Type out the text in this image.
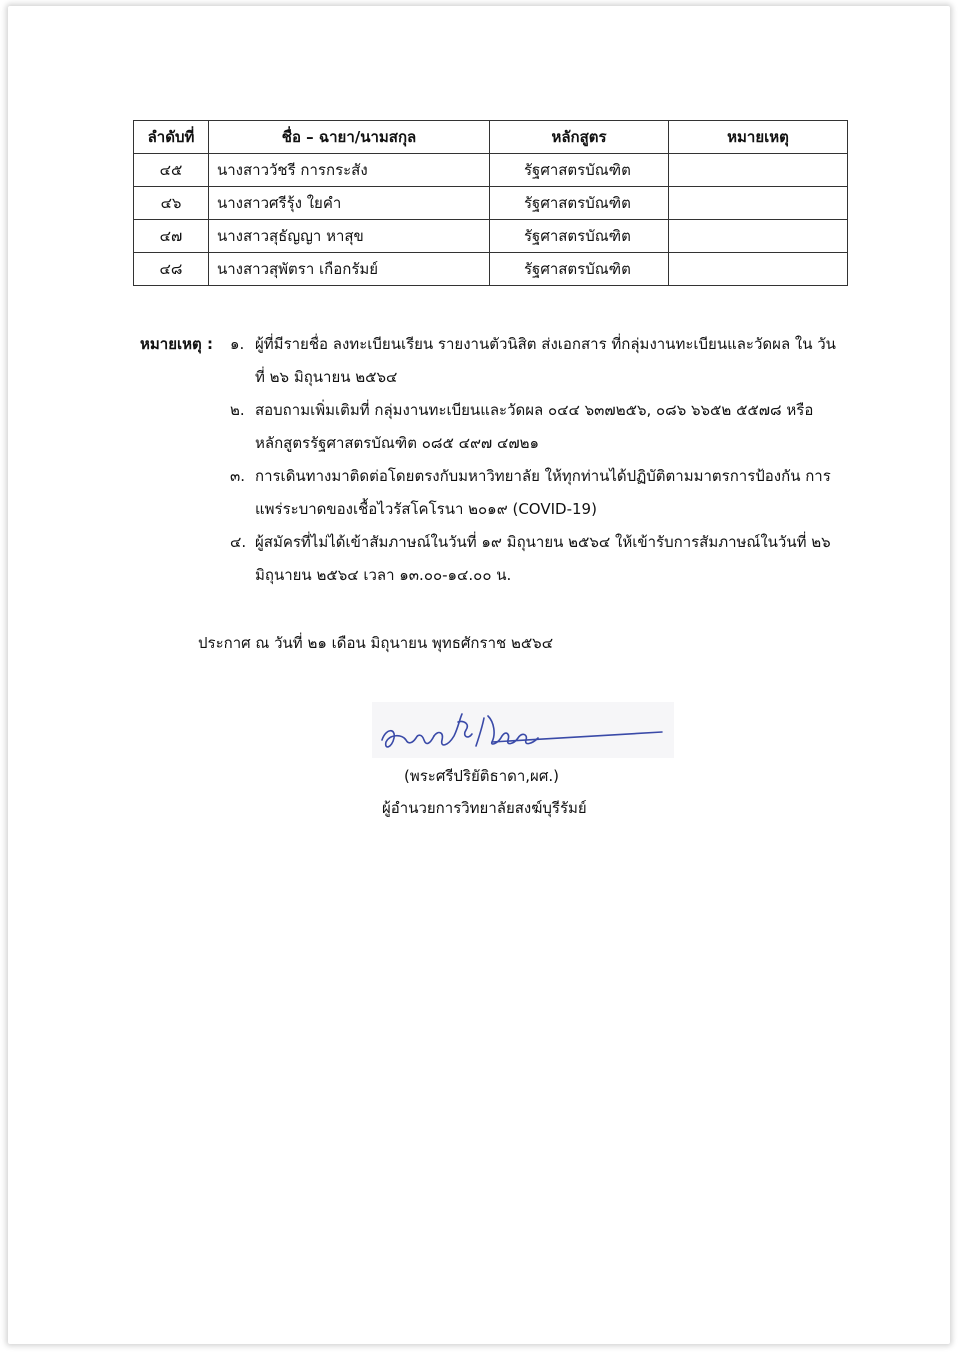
ลำดับที่	ชื่อ – ฉายา/นามสกุล	หลักสูตร	หมายเหตุ
๔๕	นางสาววัชรี การกระสัง	รัฐศาสตรบัณฑิต	
๔๖	นางสาวศรีรุ้ง ใยคำ	รัฐศาสตรบัณฑิต	
๔๗	นางสาวสุธัญญา หาสุข	รัฐศาสตรบัณฑิต	
๔๘	นางสาวสุพัตรา เกือกรัมย์	รัฐศาสตรบัณฑิต	
หมายเหตุ : ๑. ผู้ที่มีรายชื่อ ลงทะเบียนเรียน รายงานตัวนิสิต ส่งเอกสาร ที่กลุ่มงานทะเบียนและวัดผล ใน วันที่ ๒๖ มิถุนายน ๒๕๖๔
๒. สอบถามเพิ่มเติมที่ กลุ่มงานทะเบียนและวัดผล ๐๔๔ ๖๓๗๒๕๖, ๐๘๖ ๖๖๕๒ ๕๕๗๘ หรือหลักสูตรรัฐศาสตรบัณฑิต ๐๘๕ ๔๙๗ ๔๗๒๑
๓. การเดินทางมาติดต่อโดยตรงกับมหาวิทยาลัย ให้ทุกท่านได้ปฏิบัติตามมาตรการป้องกัน การแพร่ระบาดของเชื้อไวรัสโคโรนา ๒๐๑๙ (COVID-19)
๔. ผู้สมัครที่ไม่ได้เข้าสัมภาษณ์ในวันที่ ๑๙ มิถุนายน ๒๕๖๔ ให้เข้ารับการสัมภาษณ์ในวันที่ ๒๖ มิถุนายน ๒๕๖๔ เวลา ๑๓.๐๐-๑๔.๐๐ น.
ประกาศ ณ วันที่ ๒๑ เดือน มิถุนายน พุทธศักราช ๒๕๖๔
(พระศรีปริยัติธาดา,ผศ.)
ผู้อำนวยการวิทยาลัยสงฆ์บุรีรัมย์
